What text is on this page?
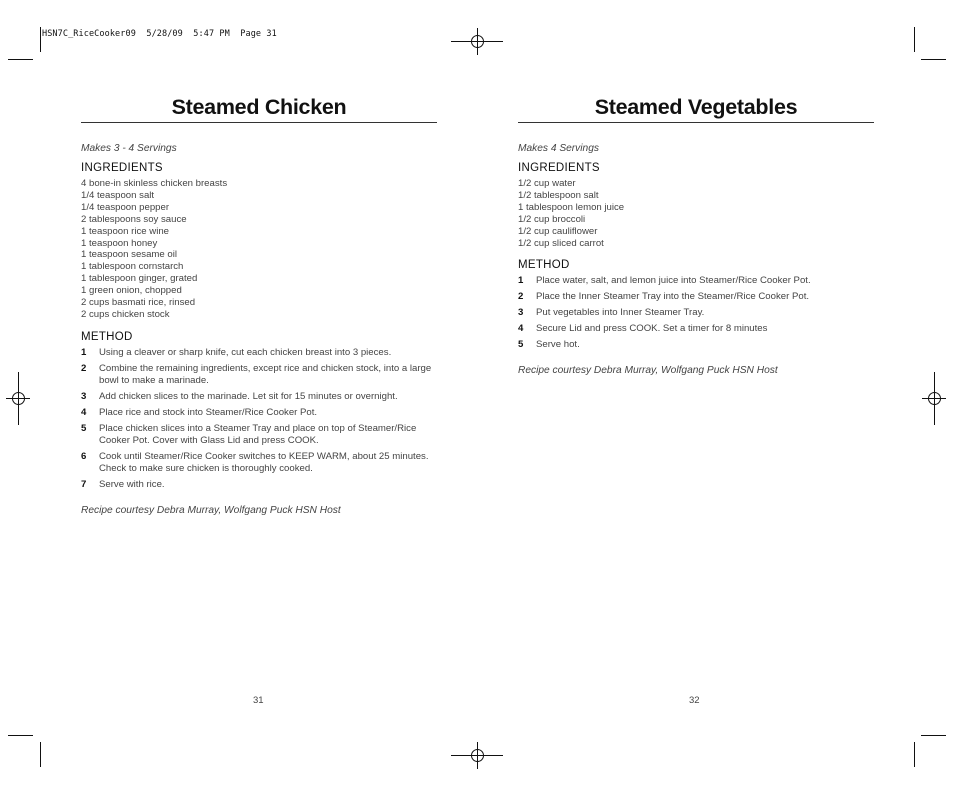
HSN7C_RiceCooker09  5/28/09  5:47 PM  Page 31
Steamed Chicken
Makes 3 - 4 Servings
INGREDIENTS
4 bone-in skinless chicken breasts
1/4 teaspoon salt
1/4 teaspoon pepper
2 tablespoons soy sauce
1 teaspoon rice wine
1 teaspoon honey
1 teaspoon sesame oil
1 tablespoon cornstarch
1 tablespoon ginger, grated
1 green onion, chopped
2 cups basmati rice, rinsed
2 cups chicken stock
METHOD
1	Using a cleaver or sharp knife, cut each chicken breast into 3 pieces.
2	Combine the remaining ingredients, except rice and chicken stock, into a large bowl to make a marinade.
3	Add chicken slices to the marinade. Let sit for 15 minutes or overnight.
4	Place rice and stock into Steamer/Rice Cooker Pot.
5	Place chicken slices into a Steamer Tray and place on top of Steamer/Rice Cooker Pot. Cover with Glass Lid and press COOK.
6	Cook until Steamer/Rice Cooker switches to KEEP WARM, about 25 minutes. Check to make sure chicken is thoroughly cooked.
7	Serve with rice.
Recipe courtesy Debra Murray, Wolfgang Puck HSN Host
Steamed Vegetables
Makes 4 Servings
INGREDIENTS
1/2 cup water
1/2 tablespoon salt
1 tablespoon lemon juice
1/2 cup broccoli
1/2 cup cauliflower
1/2 cup sliced carrot
METHOD
1	Place water, salt, and lemon juice into Steamer/Rice Cooker Pot.
2	Place the Inner Steamer Tray into the Steamer/Rice Cooker Pot.
3	Put vegetables into Inner Steamer Tray.
4	Secure Lid and press COOK. Set a timer for 8 minutes
5	Serve hot.
Recipe courtesy Debra Murray, Wolfgang Puck HSN Host
31	32
